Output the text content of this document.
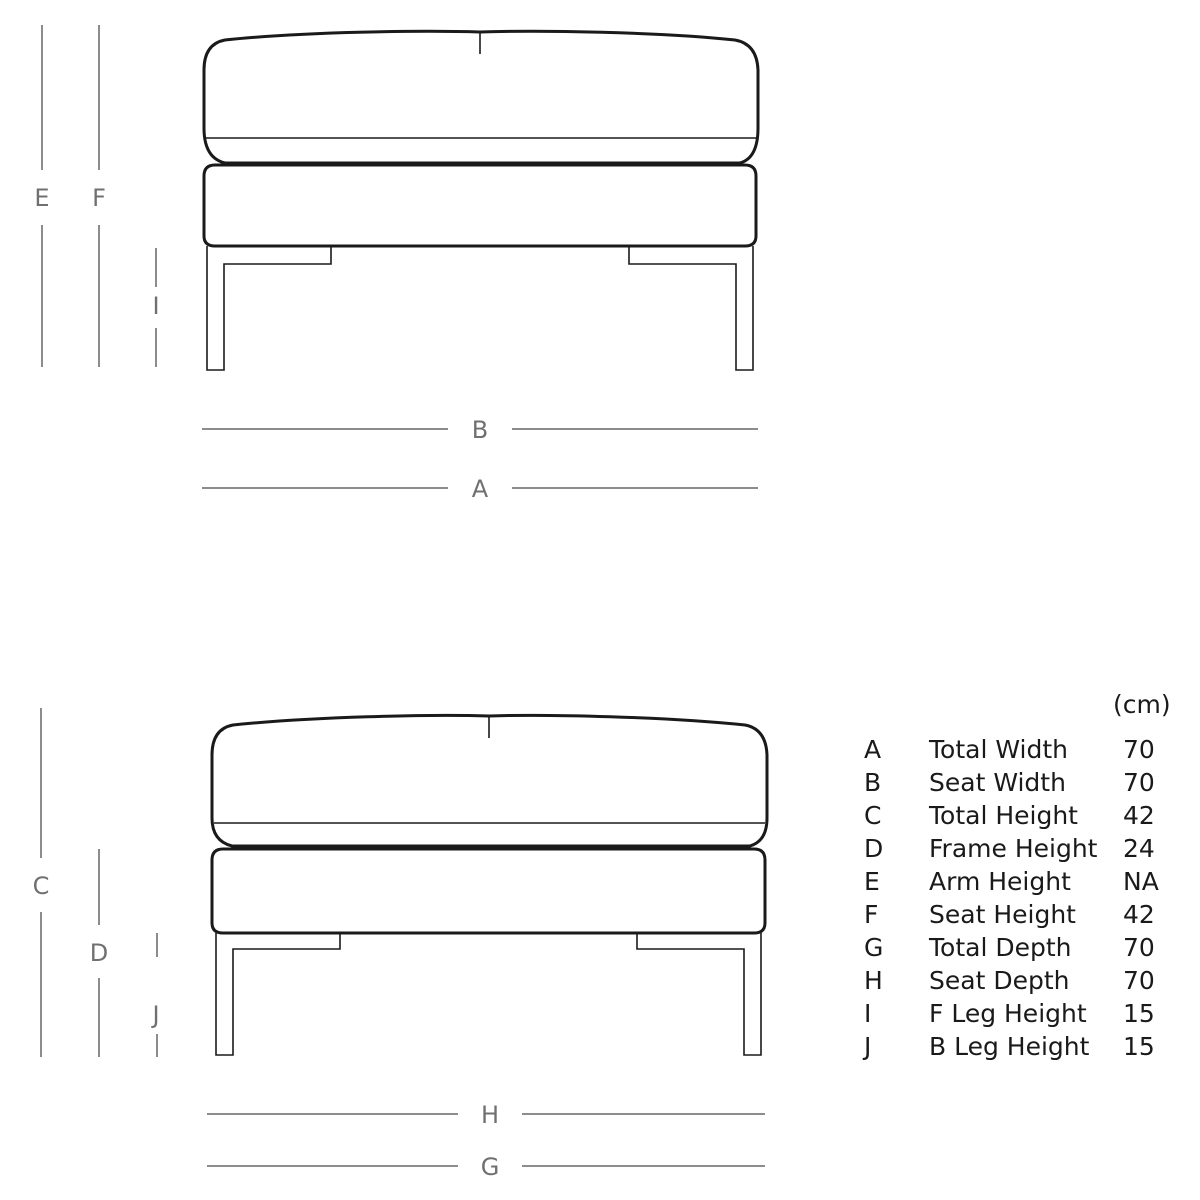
E F
I
B
A
C
D
J
H
G
(cm)
A Total Width 70
B Seat Width 70
C Total Height 42
D Frame Height 24
E Arm Height NA
F Seat Height 42
G Total Depth 70
H Seat Depth 70
I F Leg Height 15
J B Leg Height 15
